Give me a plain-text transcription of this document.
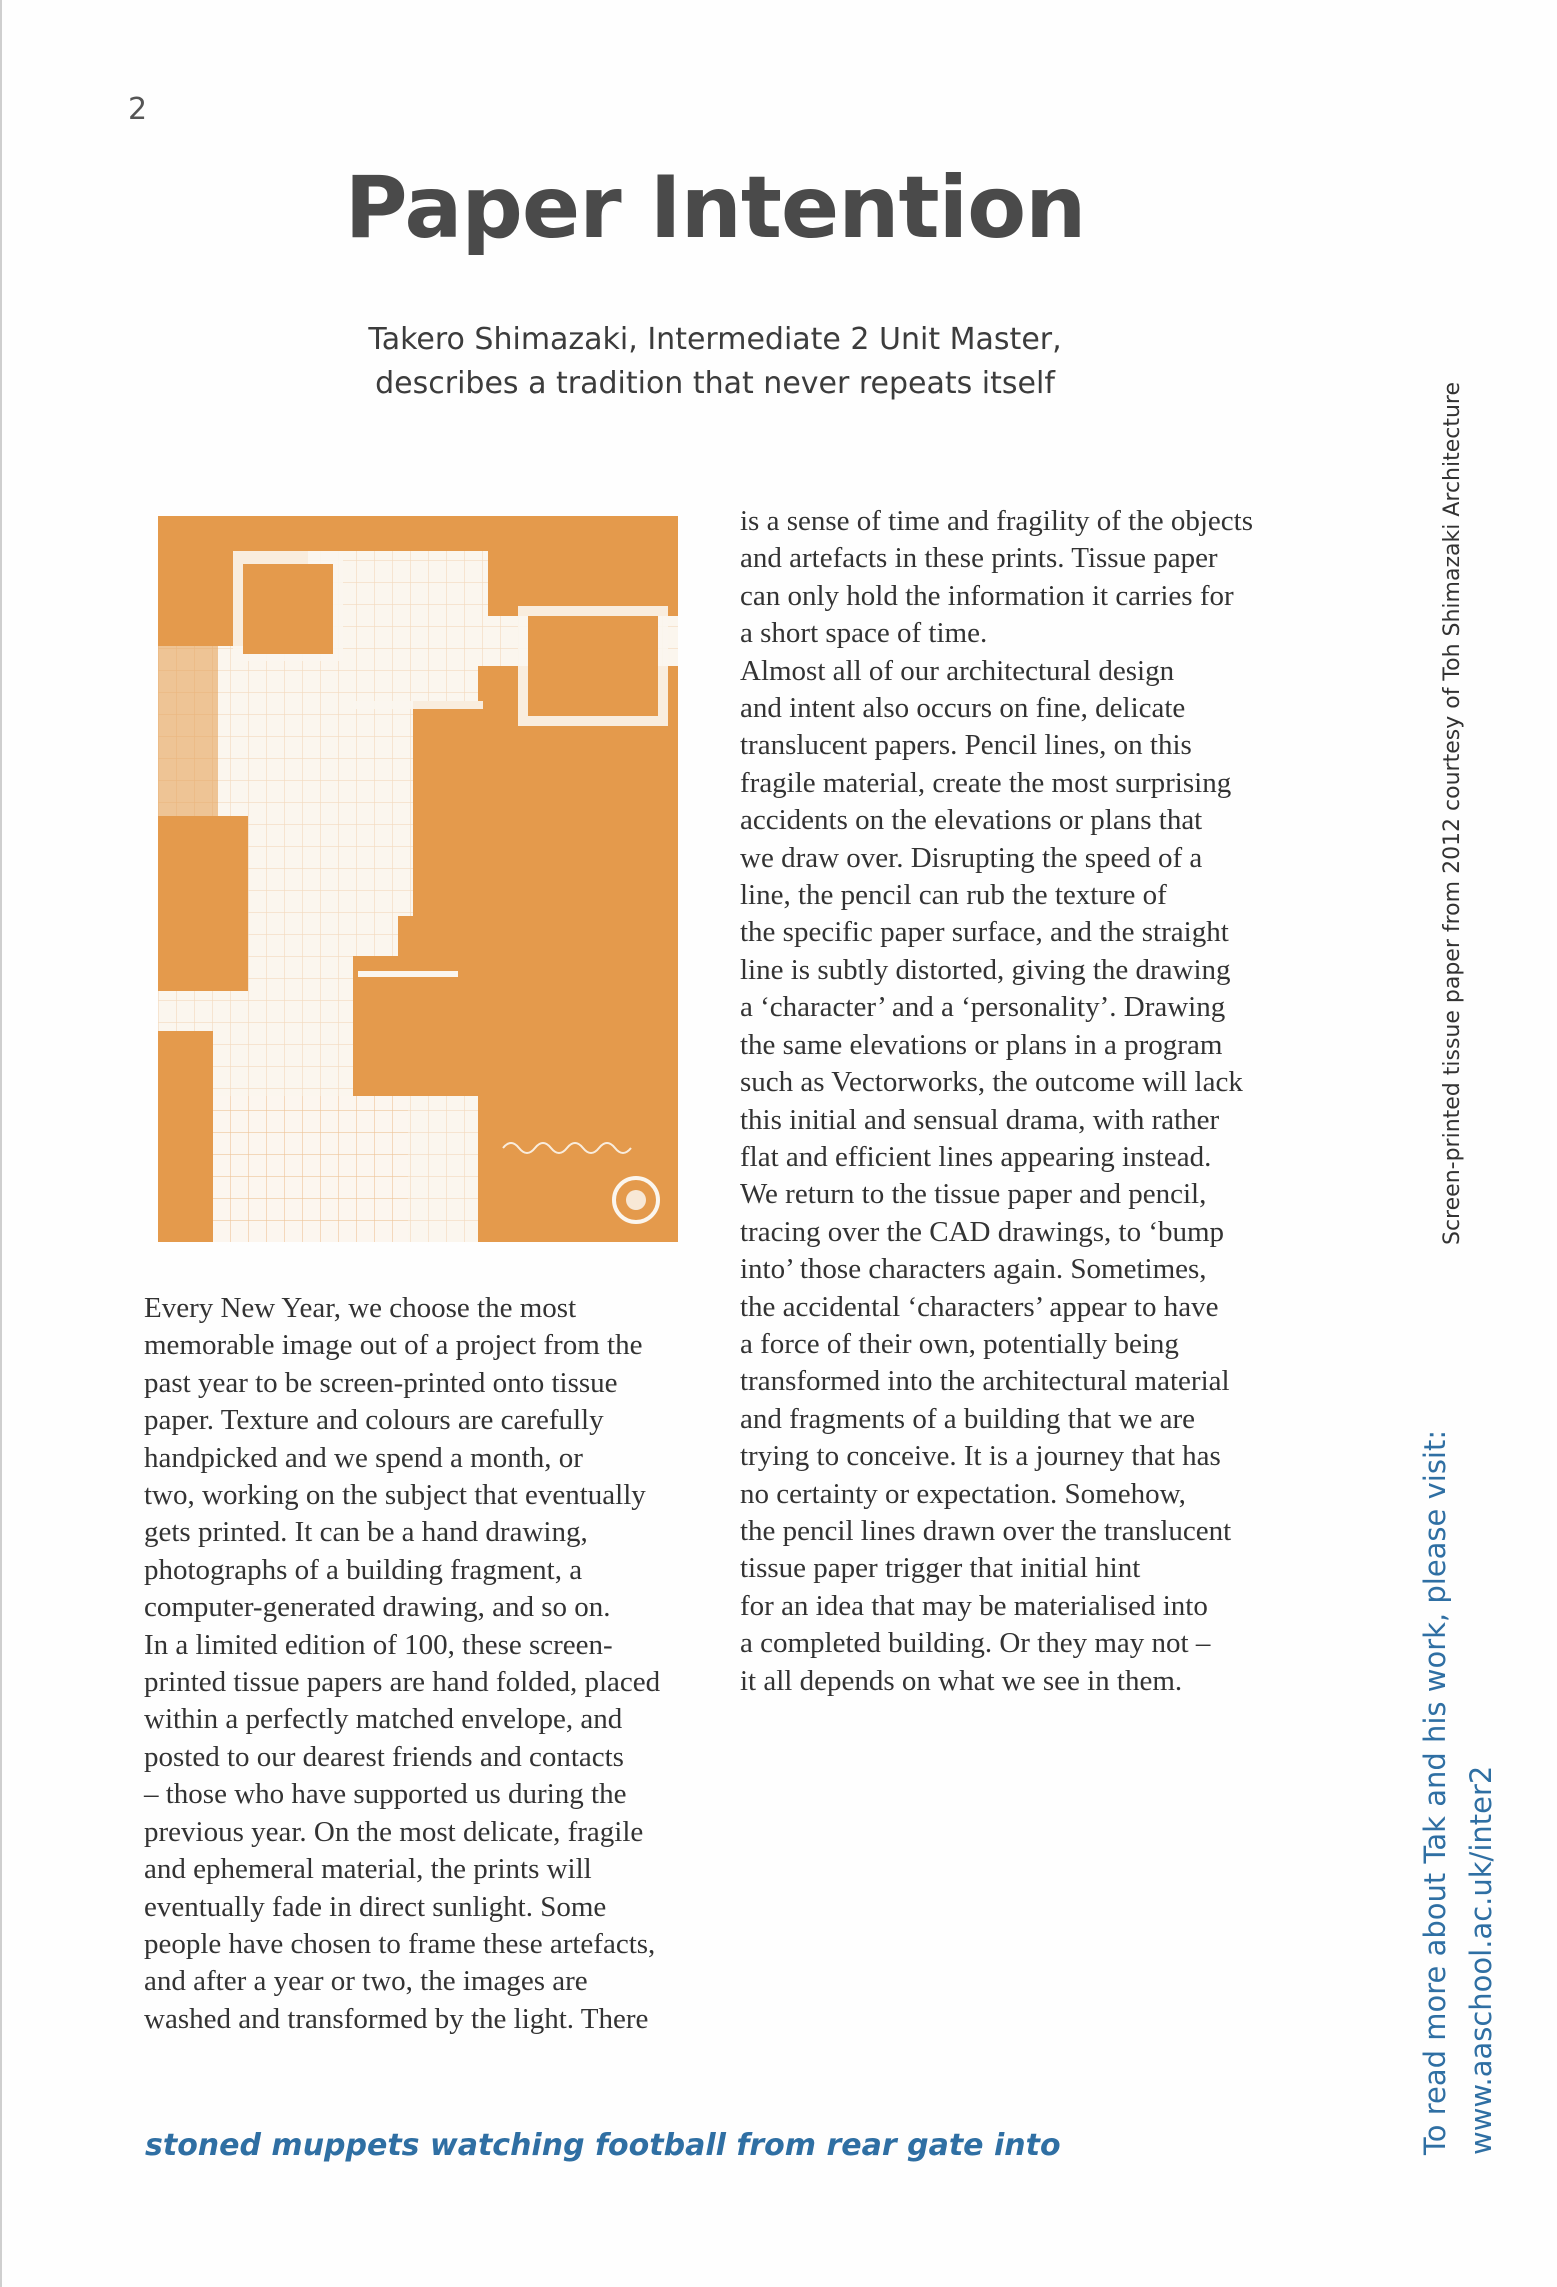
2
Paper Intention
Takero Shimazaki, Intermediate 2 Unit Master,
describes a tradition that never repeats itself
Every New Year, we choose the most
memorable image out of a project from the
past year to be screen-printed onto tissue
paper. Texture and colours are carefully
handpicked and we spend a month, or
two, working on the subject that eventually
gets printed. It can be a hand drawing,
photographs of a building fragment, a
computer-generated drawing, and so on.
In a limited edition of 100, these screen-
printed tissue papers are hand folded, placed
within a perfectly matched envelope, and
posted to our dearest friends and contacts
– those who have supported us during the
previous year. On the most delicate, fragile
and ephemeral material, the prints will
eventually fade in direct sunlight. Some
people have chosen to frame these artefacts,
and after a year or two, the images are
washed and transformed by the light. There
is a sense of time and fragility of the objects
and artefacts in these prints. Tissue paper
can only hold the information it carries for
a short space of time.
Almost all of our architectural design
and intent also occurs on fine, delicate
translucent papers. Pencil lines, on this
fragile material, create the most surprising
accidents on the elevations or plans that
we draw over. Disrupting the speed of a
line, the pencil can rub the texture of
the specific paper surface, and the straight
line is subtly distorted, giving the drawing
a ‘character’ and a ‘personality’. Drawing
the same elevations or plans in a program
such as Vectorworks, the outcome will lack
this initial and sensual drama, with rather
flat and efficient lines appearing instead.
We return to the tissue paper and pencil,
tracing over the CAD drawings, to ‘bump
into’ those characters again. Sometimes,
the accidental ‘characters’ appear to have
a force of their own, potentially being
transformed into the architectural material
and fragments of a building that we are
trying to conceive. It is a journey that has
no certainty or expectation. Somehow,
the pencil lines drawn over the translucent
tissue paper trigger that initial hint
for an idea that may be materialised into
a completed building. Or they may not –
it all depends on what we see in them.
stoned muppets watching football from rear gate into
Screen-printed tissue paper from 2012 courtesy of Toh Shimazaki Architecture
To read more about Tak and his work, please visit: www.aaschool.ac.uk/inter2
